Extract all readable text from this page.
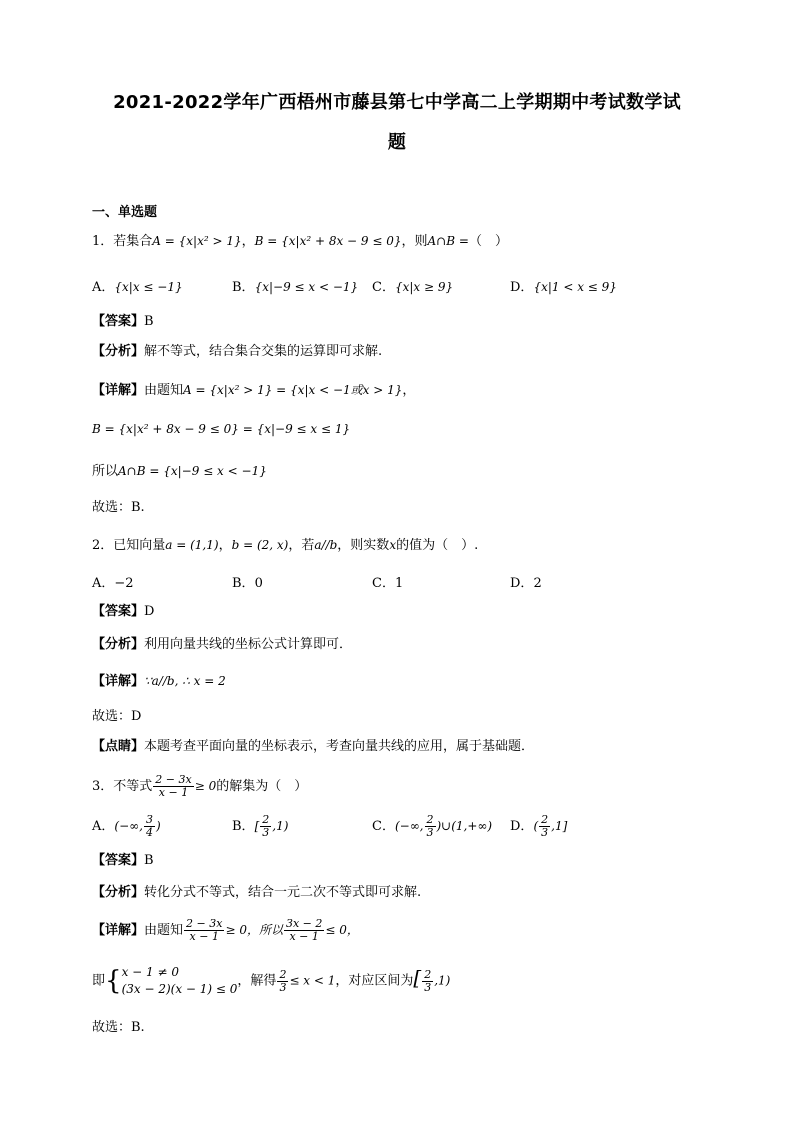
2021-2022学年广西梧州市藤县第七中学高二上学期期中考试数学试
题
一、单选题
1．若集合A = {x|x² > 1}，B = {x|x² + 8x − 9 ≤ 0}，则A∩B =（　）
A．{x|x ≤ −1}	B．{x|−9 ≤ x < −1} C．{x|x ≥ 9}	D．{x|1 < x ≤ 9}
【答案】B
【分析】解不等式，结合集合交集的运算即可求解.
【详解】由题知A = {x|x² > 1} = {x|x < −1或x > 1}，
B = {x|x² + 8x − 9 ≤ 0} = {x|−9 ≤ x ≤ 1}
所以A∩B = {x|−9 ≤ x < −1}
故选：B.
2．已知向量a = (1,1)，b = (2, x)，若a//b，则实数x的值为（　）.
A．−2	B．0	C．1	D．2
【答案】D
【分析】利用向量共线的坐标公式计算即可．
【详解】∵a//b, ∴ x = 2
故选：D
【点睛】本题考查平面向量的坐标表示，考查向量共线的应用，属于基础题．
3．不等式 $\frac{2 - 3x}{x - 1} \ge 0$的解集为（　）
A．(−∞, $\frac{3}{4}$ )	B．[ $\frac{2}{3} ,1$)	C．(−∞, $\frac{2}{3}$ )∪(1,+∞) D．( $\frac{2}{3} ,1$]
【答案】B
【分析】转化分式不等式，结合一元二次不等式即可求解.
【详解】由题知 $\frac{2 - 3x}{x - 1} \ge 0$，所以 $\frac{3x - 2}{x - 1} \le 0$，
即{ x − 1 ≠ 0
(3x − 2)(x − 1) ≤ 0
，解得 $\frac{2}{3} \le x < 1$，对应区间为[ $\frac{2}{3} ,1$)
故选：B.
